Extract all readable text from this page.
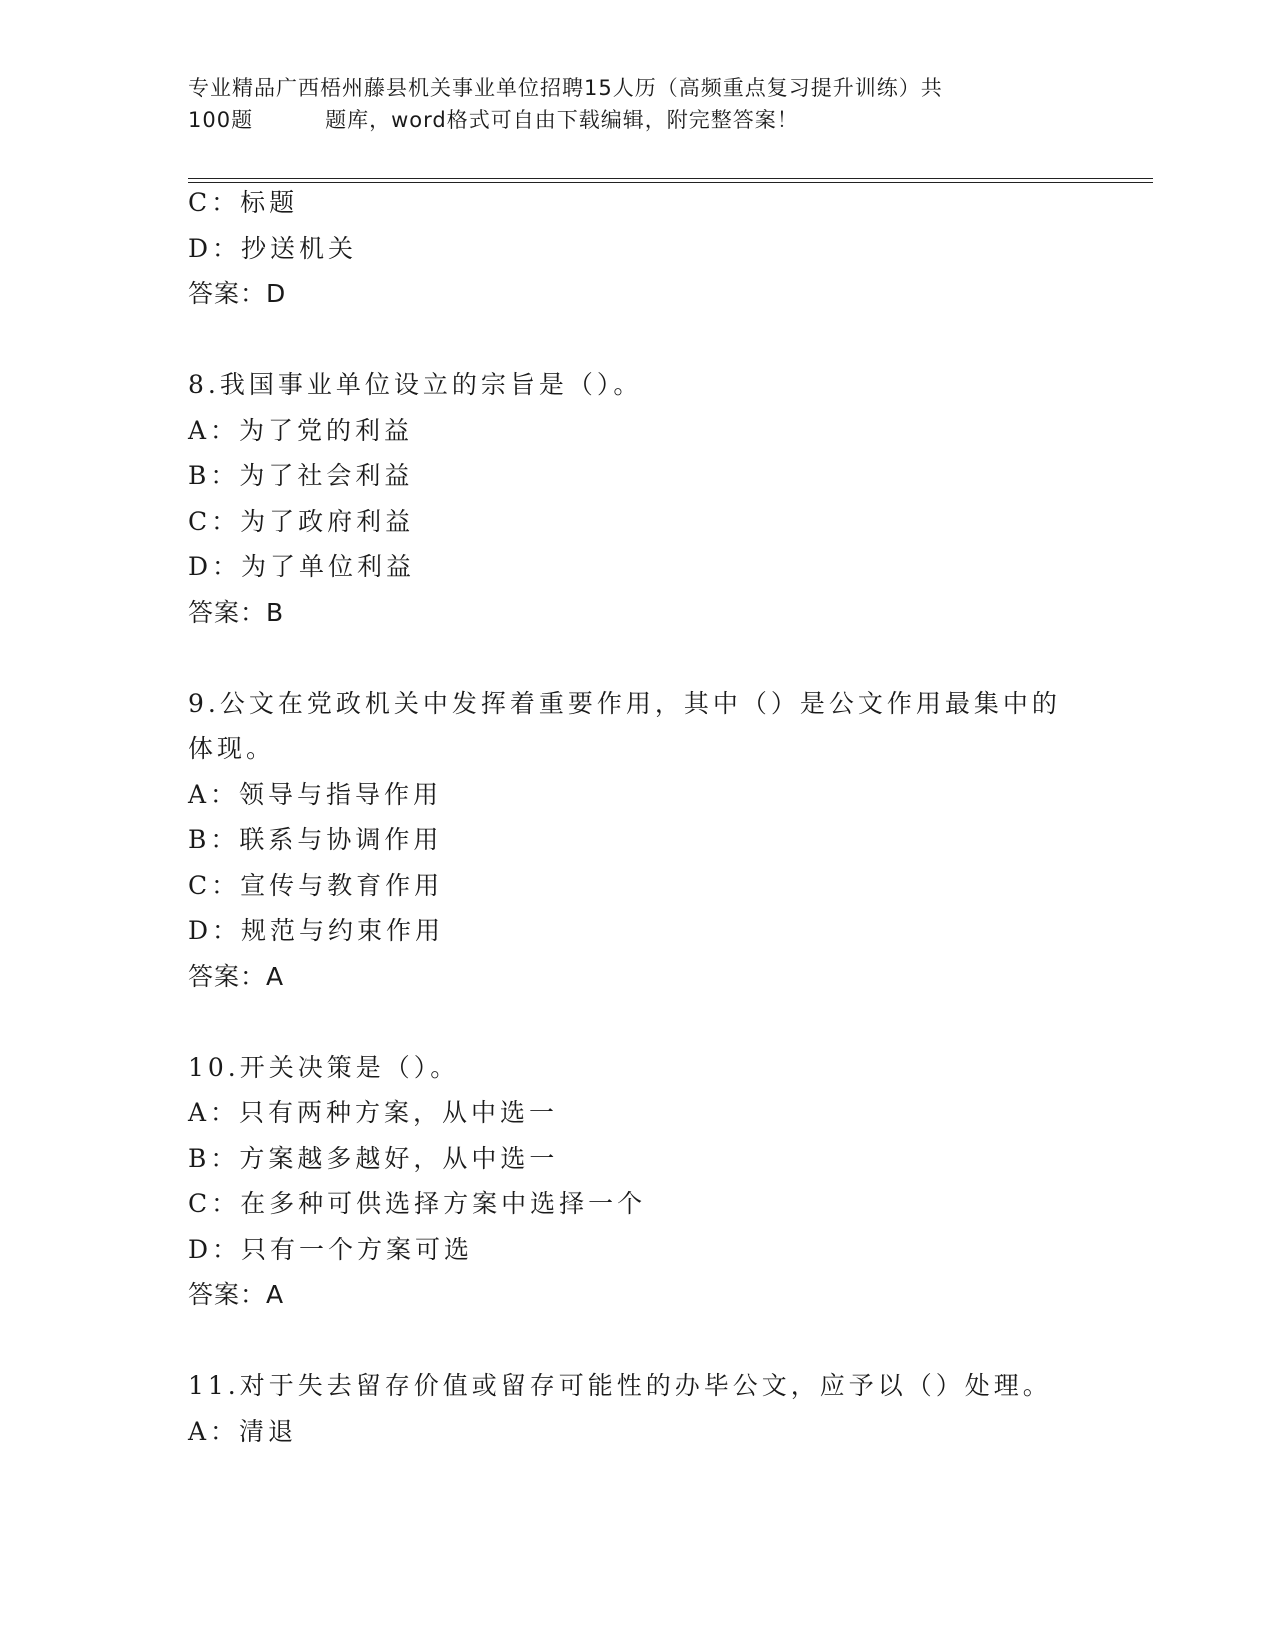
专业精品广西梧州藤县机关事业单位招聘15人历（高频重点复习提升训练）共
100题	题库，word格式可自由下载编辑，附完整答案！
C：标题
D：抄送机关
答案：D
8.我国事业单位设立的宗旨是（）。
A：为了党的利益
B：为了社会利益
C：为了政府利益
D：为了单位利益
答案：B
9.公文在党政机关中发挥着重要作用，其中（）是公文作用最集中的
体现。
A：领导与指导作用
B：联系与协调作用
C：宣传与教育作用
D：规范与约束作用
答案：A
10.开关决策是（）。
A：只有两种方案，从中选一
B：方案越多越好，从中选一
C：在多种可供选择方案中选择一个
D：只有一个方案可选
答案：A
11.对于失去留存价值或留存可能性的办毕公文，应予以（）处理。
A：清退
